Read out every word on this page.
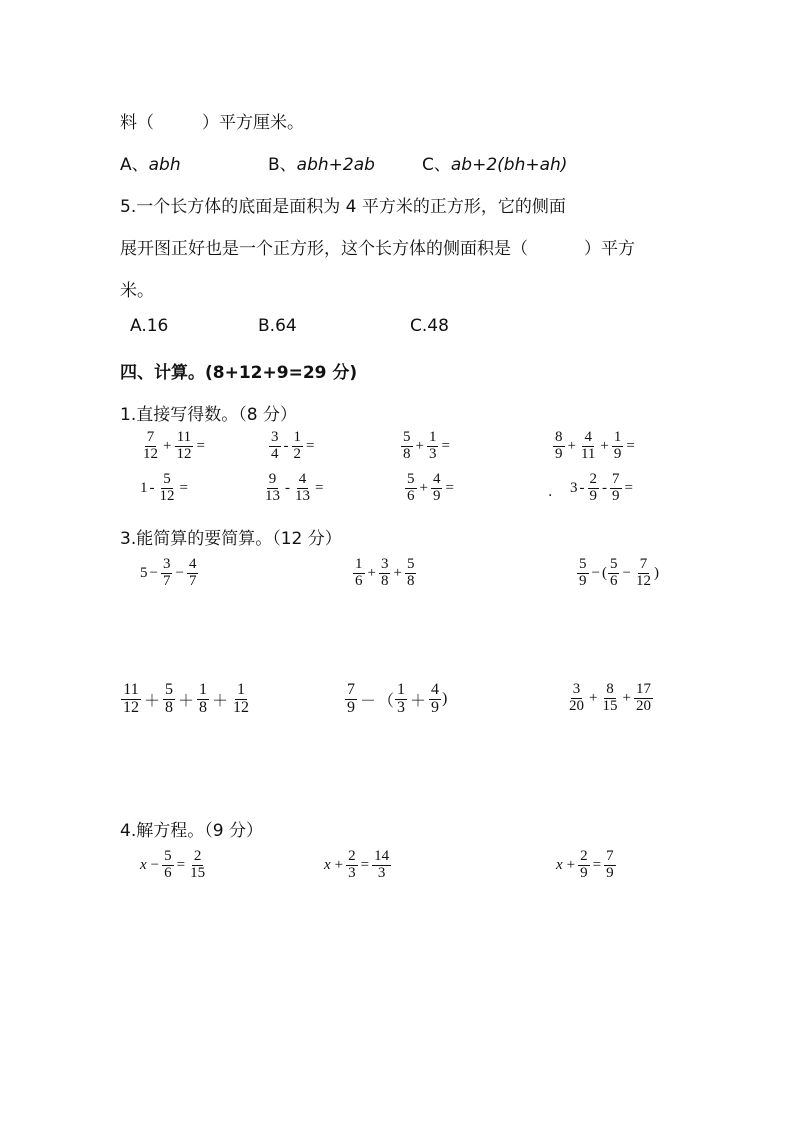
料（	）平方厘米。
A、abh	B、abh+2ab	C、ab+2(bh+ah)
5.一个长方体的底面是面积为 4 平方米的正方形，它的侧面
展开图正好也是一个正方形，这个长方体的侧面积是（	）平方
米。
A.16	B.64	C.48
四、计算。(8+12+9=29 分)
1.直接写得数。（8 分）
$\frac{7}{12} + \frac{11}{12}$ =	$\frac{3}{4} - \frac{1}{2}$ =	$\frac{5}{8} + \frac{1}{3}$ =	$\frac{8}{9} + \frac{4}{11} + \frac{1}{9}$ =
$1 - \frac{5}{12}$ =	$\frac{9}{13} - \frac{4}{13}$ =	$\frac{5}{6} + \frac{4}{9}$ =	. $3 - \frac{2}{9} - \frac{7}{9}$ =
3.能简算的要简算。（12 分）
$5 - \frac{3}{7} - \frac{4}{7}$	$\frac{1}{6} + \frac{3}{8} + \frac{5}{8}$	$\frac{5}{9}$ − ( $\frac{5}{6} - \frac{7}{12}$ )
$\frac{11}{12} + \frac{5}{8} + \frac{1}{8} + \frac{1}{12}$	$\frac{7}{9}$ － （ $\frac{1}{3} + \frac{4}{9}$ )	$\frac{3}{20} + \frac{8}{15} + \frac{17}{20}$
4.解方程。（9 分）
$x - \frac{5}{6} = \frac{2}{15}$	$x + \frac{2}{3} = \frac{14}{3}$	$x + \frac{2}{9} = \frac{7}{9}$
